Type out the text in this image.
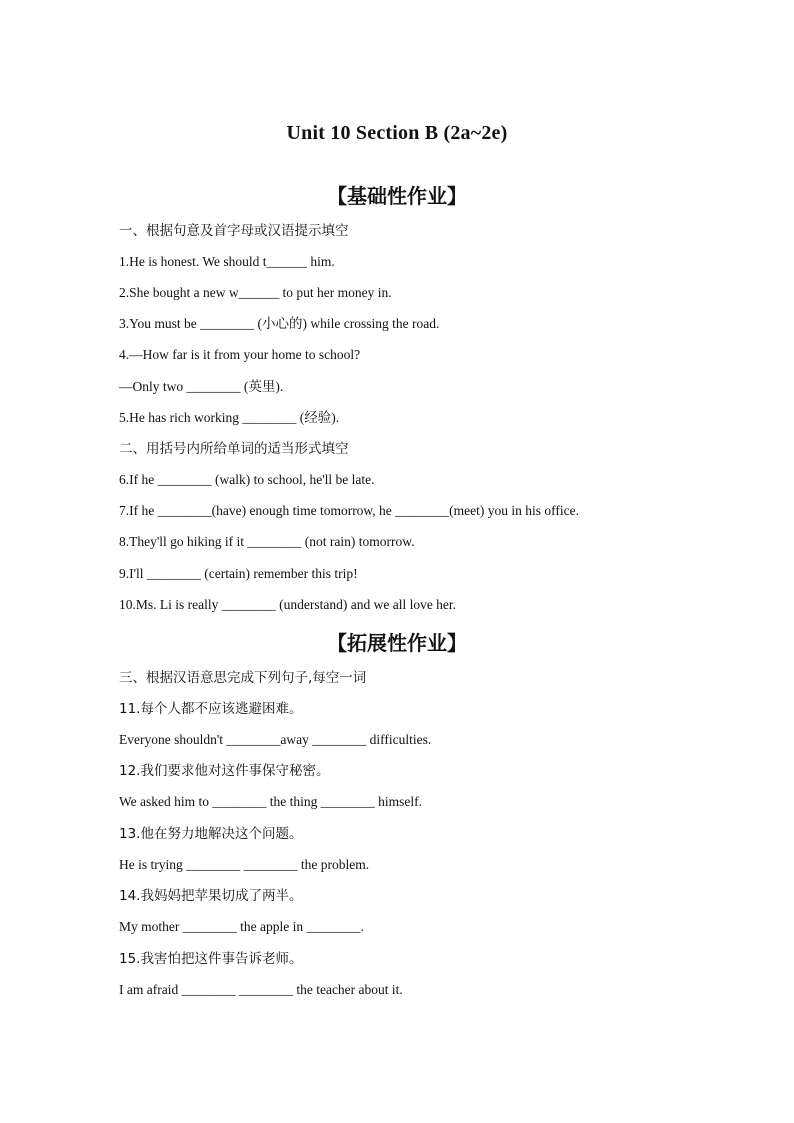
Unit 10 Section B (2a~2e)
【基础性作业】
一、根据句意及首字母或汉语提示填空
1.He is honest. We should t______ him.
2.She bought a new w______ to put her money in.
3.You must be ________ (小心的) while crossing the road.
4.—How far is it from your home to school?
—Only two ________ (英里).
5.He has rich working ________ (经验).
二、用括号内所给单词的适当形式填空
6.If he ________ (walk) to school, he'll be late.
7.If he ________(have) enough time tomorrow, he ________(meet) you in his office.
8.They'll go hiking if it ________ (not rain) tomorrow.
9.I'll ________ (certain) remember this trip!
10.Ms. Li is really ________ (understand) and we all love her.
【拓展性作业】
三、根据汉语意思完成下列句子,每空一词
11.每个人都不应该逃避困难。
Everyone shouldn't ________away ________ difficulties.
12.我们要求他对这件事保守秘密。
We asked him to ________ the thing ________ himself.
13.他在努力地解决这个问题。
He is trying ________ ________ the problem.
14.我妈妈把苹果切成了两半。
My mother ________ the apple in ________.
15.我害怕把这件事告诉老师。
I am afraid ________ ________ the teacher about it.
